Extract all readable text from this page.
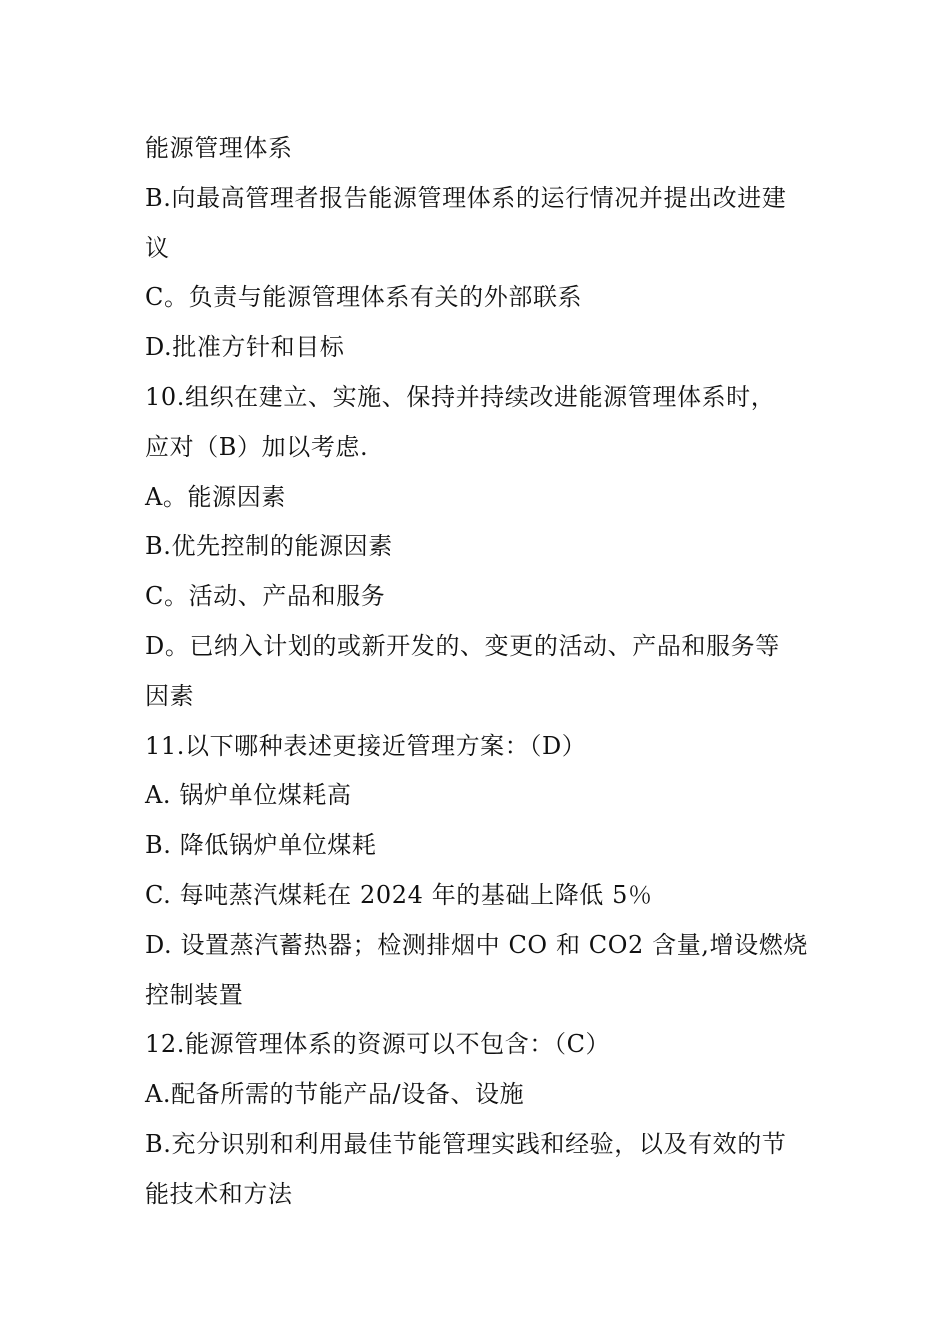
能源管理体系
B.向最高管理者报告能源管理体系的运行情况并提出改进建
议
C。负责与能源管理体系有关的外部联系
D.批准方针和目标
10.组织在建立、实施、保持并持续改进能源管理体系时，
应对（B）加以考虑.
A。能源因素
B.优先控制的能源因素
C。活动、产品和服务
D。已纳入计划的或新开发的、变更的活动、产品和服务等
因素
11.以下哪种表述更接近管理方案：（D）
A. 锅炉单位煤耗高
B. 降低锅炉单位煤耗
C. 每吨蒸汽煤耗在 2024 年的基础上降低 5％
D. 设置蒸汽蓄热器；检测排烟中 CO 和 CO2 含量,增设燃烧
控制装置
12.能源管理体系的资源可以不包含：（C）
A.配备所需的节能产品/设备、设施
B.充分识别和利用最佳节能管理实践和经验，以及有效的节
能技术和方法
